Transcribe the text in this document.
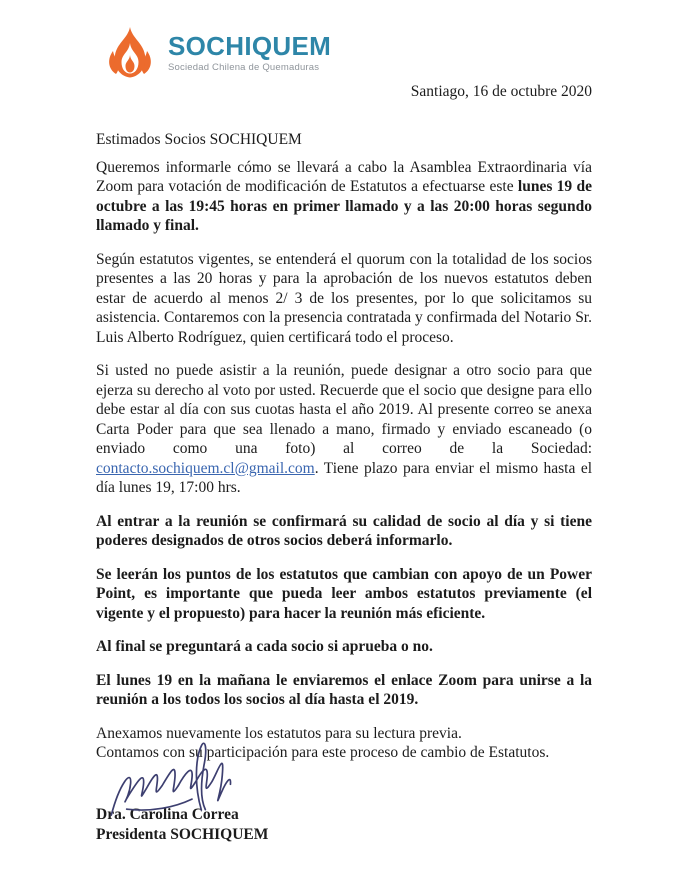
SOCHIQUEM
Sociedad Chilena de Quemaduras
Santiago, 16 de octubre 2020

Estimados Socios SOCHIQUEM

Queremos informarle cómo se llevará a cabo la Asamblea Extraordinaria vía Zoom para votación de modificación de Estatutos a efectuarse este lunes 19 de octubre a las 19:45 horas en primer llamado y a las 20:00 horas segundo llamado y final.

Según estatutos vigentes, se entenderá el quorum con la totalidad de los socios presentes a las 20 horas y para la aprobación de los nuevos estatutos deben estar de acuerdo al menos 2/ 3 de los presentes, por lo que solicitamos su asistencia. Contaremos con la presencia contratada y confirmada del Notario Sr. Luis Alberto Rodríguez, quien certificará todo el proceso.

Si usted no puede asistir a la reunión, puede designar a otro socio para que ejerza su derecho al voto por usted. Recuerde que el socio que designe para ello debe estar al día con sus cuotas hasta el año 2019. Al presente correo se anexa Carta Poder para que sea llenado a mano, firmado y enviado escaneado (o enviado como una foto) al correo de la Sociedad: contacto.sochiquem.cl@gmail.com. Tiene plazo para enviar el mismo hasta el día lunes 19, 17:00 hrs.

Al entrar a la reunión se confirmará su calidad de socio al día y si tiene poderes designados de otros socios deberá informarlo.

Se leerán los puntos de los estatutos que cambian con apoyo de un Power Point, es importante que pueda leer ambos estatutos previamente (el vigente y el propuesto) para hacer la reunión más eficiente.

Al final se preguntará a cada socio si aprueba o no.

El lunes 19 en la mañana le enviaremos el enlace Zoom para unirse a la reunión a los todos los socios al día hasta el 2019.

Anexamos nuevamente los estatutos para su lectura previa.
Contamos con su participación para este proceso de cambio de Estatutos.

Dra. Carolina Correa
Presidenta SOCHIQUEM
